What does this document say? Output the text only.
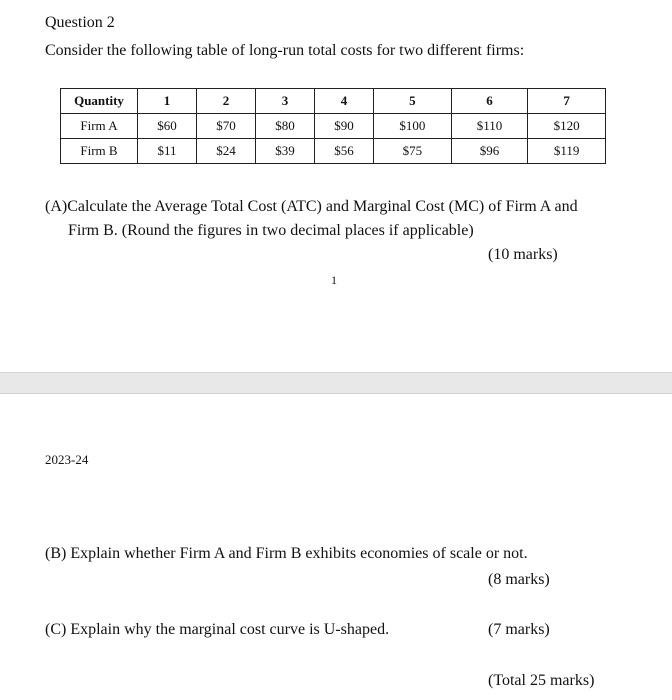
Question 2
Consider the following table of long-run total costs for two different firms:
Quantity	1	2	3	4	5	6	7
Firm A	$60	$70	$80	$90	$100	$110	$120
Firm B	$11	$24	$39	$56	$75	$96	$119
(A)Calculate the Average Total Cost (ATC) and Marginal Cost (MC) of Firm A and
Firm B. (Round the figures in two decimal places if applicable)
(10 marks)
1
2023-24
(B) Explain whether Firm A and Firm B exhibits economies of scale or not.
(8 marks)
(C) Explain why the marginal cost curve is U-shaped.	(7 marks)
(Total 25 marks)
